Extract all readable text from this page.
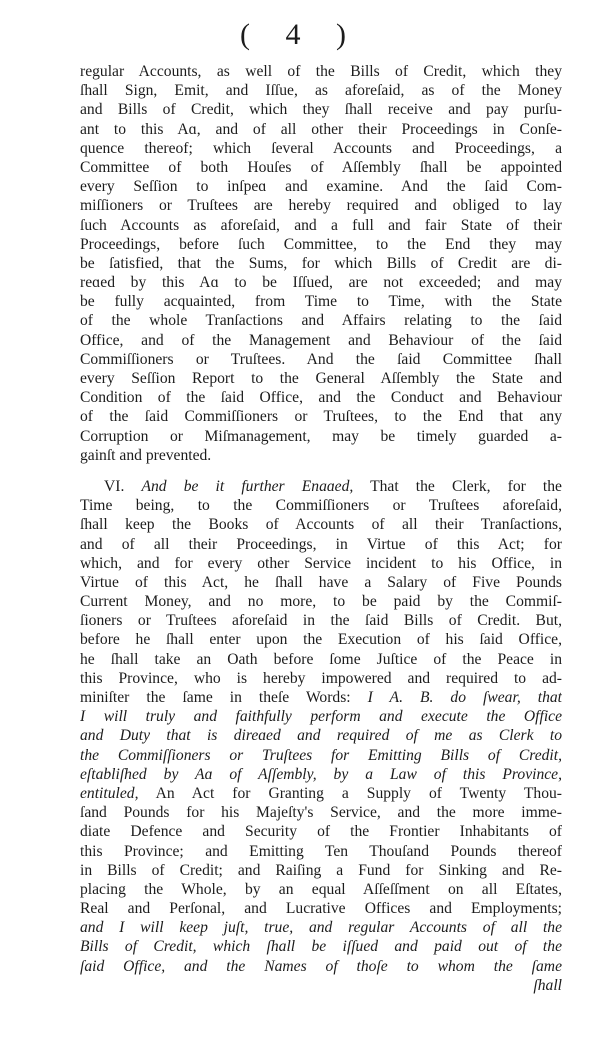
( 4 )
regular Accounts, as well of the Bills of Credit, which they
ſhall Sign, Emit, and Iſſue, as aforeſaid, as of the Money
and Bills of Credit, which they ſhall receive and pay purſu-
ant to this Aɑ, and of all other their Proceedings in Conſe-
quence thereof; which ſeveral Accounts and Proceedings, a
Committee of both Houſes of Aſſembly ſhall be appointed
every Seſſion to inſpeɑ and examine. And the ſaid Com-
miſſioners or Truſtees are hereby required and obliged to lay
ſuch Accounts as aforeſaid, and a full and fair State of their
Proceedings, before ſuch Committee, to the End they may
be ſatisfied, that the Sums, for which Bills of Credit are di-
reɑed by this Aɑ to be Iſſued, are not exceeded; and may
be fully acquainted, from Time to Time, with the State
of the whole Tranſactions and Affairs relating to the ſaid
Office, and of the Management and Behaviour of the ſaid
Commiſſioners or Truſtees. And the ſaid Committee ſhall
every Seſſion Report to the General Aſſembly the State and
Condition of the ſaid Office, and the Conduct and Behaviour
of the ſaid Commiſſioners or Truſtees, to the End that any
Corruption or Miſmanagement, may be timely guarded a-
gainſt and prevented.
VI. And be it further Enaɑed, That the Clerk, for the
Time being, to the Commiſſioners or Truſtees aforeſaid,
ſhall keep the Books of Accounts of all their Tranſactions,
and of all their Proceedings, in Virtue of this Act; for
which, and for every other Service incident to his Office, in
Virtue of this Act, he ſhall have a Salary of Five Pounds
Current Money, and no more, to be paid by the Commiſ-
ſioners or Truſtees aforeſaid in the ſaid Bills of Credit. But,
before he ſhall enter upon the Execution of his ſaid Office,
he ſhall take an Oath before ſome Juſtice of the Peace in
this Province, who is hereby impowered and required to ad-
miniſter the ſame in theſe Words: I A. B. do ſwear, that
I will truly and faithfully perform and execute the Office
and Duty that is direɑed and required of me as Clerk to
the Commiſſioners or Truſtees for Emitting Bills of Credit,
eſtabliſhed by Aɑ of Aſſembly, by a Law of this Province,
entituled, An Act for Granting a Supply of Twenty Thou-
ſand Pounds for his Majeſty's Service, and the more imme-
diate Defence and Security of the Frontier Inhabitants of
this Province; and Emitting Ten Thouſand Pounds thereof
in Bills of Credit; and Raiſing a Fund for Sinking and Re-
placing the Whole, by an equal Aſſeſſment on all Eſtates,
Real and Perſonal, and Lucrative Offices and Employments;
and I will keep juſt, true, and regular Accounts of all the
Bills of Credit, which ſhall be iſſued and paid out of the
ſaid Office, and the Names of thoſe to whom the ſame
ſhall
